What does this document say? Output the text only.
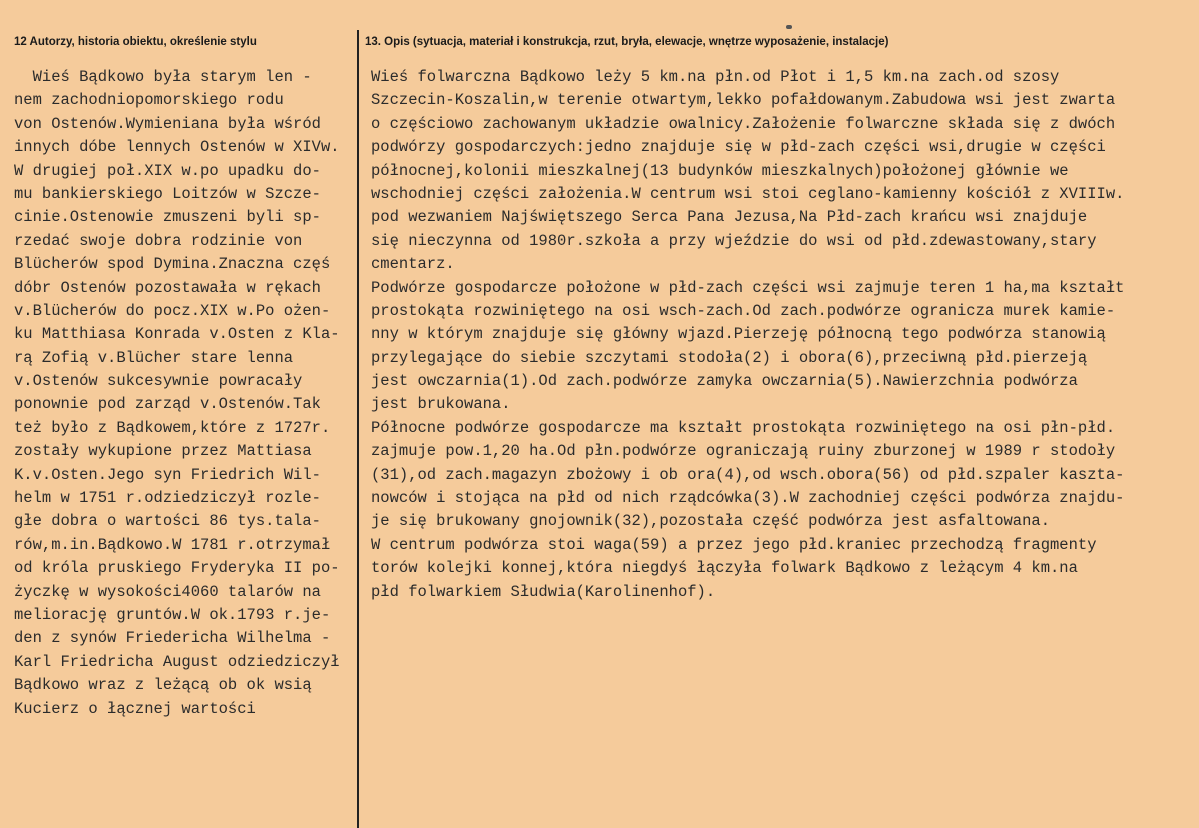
12 Autorzy, historia obiektu, określenie stylu	13. Opis (sytuacja, materiał i konstrukcja, rzut, bryła, elewacje, wnętrze wyposażenie, instalacje)
Wieś Bądkowo była starym len -
nem zachodniopomorskiego rodu
von Ostenów.Wymieniana była wśród
innych dóbe lennych Ostenów w XIVw.
W drugiej poł.XIX w.po upadku do-
mu bankierskiego Loitzów w Szcze-
cinie.Ostenowie zmuszeni byli sp-
rzedać swoje dobra rodzinie von
Blücherów spod Dymina.Znaczna częś
dóbr Ostenów pozostawała w rękach
v.Blücherów do pocz.XIX w.Po ożen-
ku Matthiasa Konrada v.Osten z Kla-
rą Zofią v.Blücher stare lenna
v.Ostenów sukcesywnie powracały
ponownie pod zarząd v.Ostenów.Tak
też było z Bądkowem,które z 1727r.
zostały wykupione przez Mattiasa
K.v.Osten.Jego syn Friedrich Wil-
helm w 1751 r.odziedziczył rozle-
głe dobra o wartości 86 tys.tala-
rów,m.in.Bądkowo.W 1781 r.otrzymał
od króla pruskiego Fryderyka II po-
życzkę w wysokości4060 talarów na
meliorację gruntów.W ok.1793 r.je-
den z synów Friedericha Wilhelma -
Karl Friedricha August odziedziczył
Bądkowo wraz z leżącą ob ok wsią
Kucierz o łącznej wartości
Wieś folwarczna Bądkowo leży 5 km.na płn.od Płot i 1,5 km.na zach.od szosy
Szczecin-Koszalin,w terenie otwartym,lekko pofałdowanym.Zabudowa wsi jest zwarta
o częściowo zachowanym układzie owalnicy.Założenie folwarczne składa się z dwóch
podwórzy gospodarczych:jedno znajduje się w płd-zach części wsi,drugie w części
północnej,kolonii mieszkalnej(13 budynków mieszkalnych)położonej głównie we
wschodniej części założenia.W centrum wsi stoi ceglano-kamienny kościół z XVIIIw.
pod wezwaniem Najświętszego Serca Pana Jezusa,Na Płd-zach krańcu wsi znajduje
się nieczynna od 1980r.szkoła a przy wjeździe do wsi od płd.zdewastowany,stary
cmentarz.
Podwórze gospodarcze położone w płd-zach części wsi zajmuje teren 1 ha,ma kształt
prostokąta rozwiniętego na osi wsch-zach.Od zach.podwórze ogranicza murek kamie-
nny w którym znajduje się główny wjazd.Pierzeję północną tego podwórza stanowią
przylegające do siebie szczytami stodoła(2) i obora(6),przeciwną płd.pierzeją
jest owczarnia(1).Od zach.podwórze zamyka owczarnia(5).Nawierzchnia podwórza
jest brukowana.
Północne podwórze gospodarcze ma kształt prostokąta rozwiniętego na osi płn-płd.
zajmuje pow.1,20 ha.Od płn.podwórze ograniczają ruiny zburzonej w 1989 r stodoły
(31),od zach.magazyn zbożowy i ob ora(4),od wsch.obora(56) od płd.szpaler kaszta-
nowców i stojąca na płd od nich rządcówka(3).W zachodniej części podwórza znajdu-
je się brukowany gnojownik(32),pozostała część podwórza jest asfaltowana.
W centrum podwórza stoi waga(59) a przez jego płd.kraniec przechodzą fragmenty
torów kolejki konnej,która niegdyś łączyła folwark Bądkowo z leżącym 4 km.na
płd folwarkiem Słudwia(Karolinenhof).
